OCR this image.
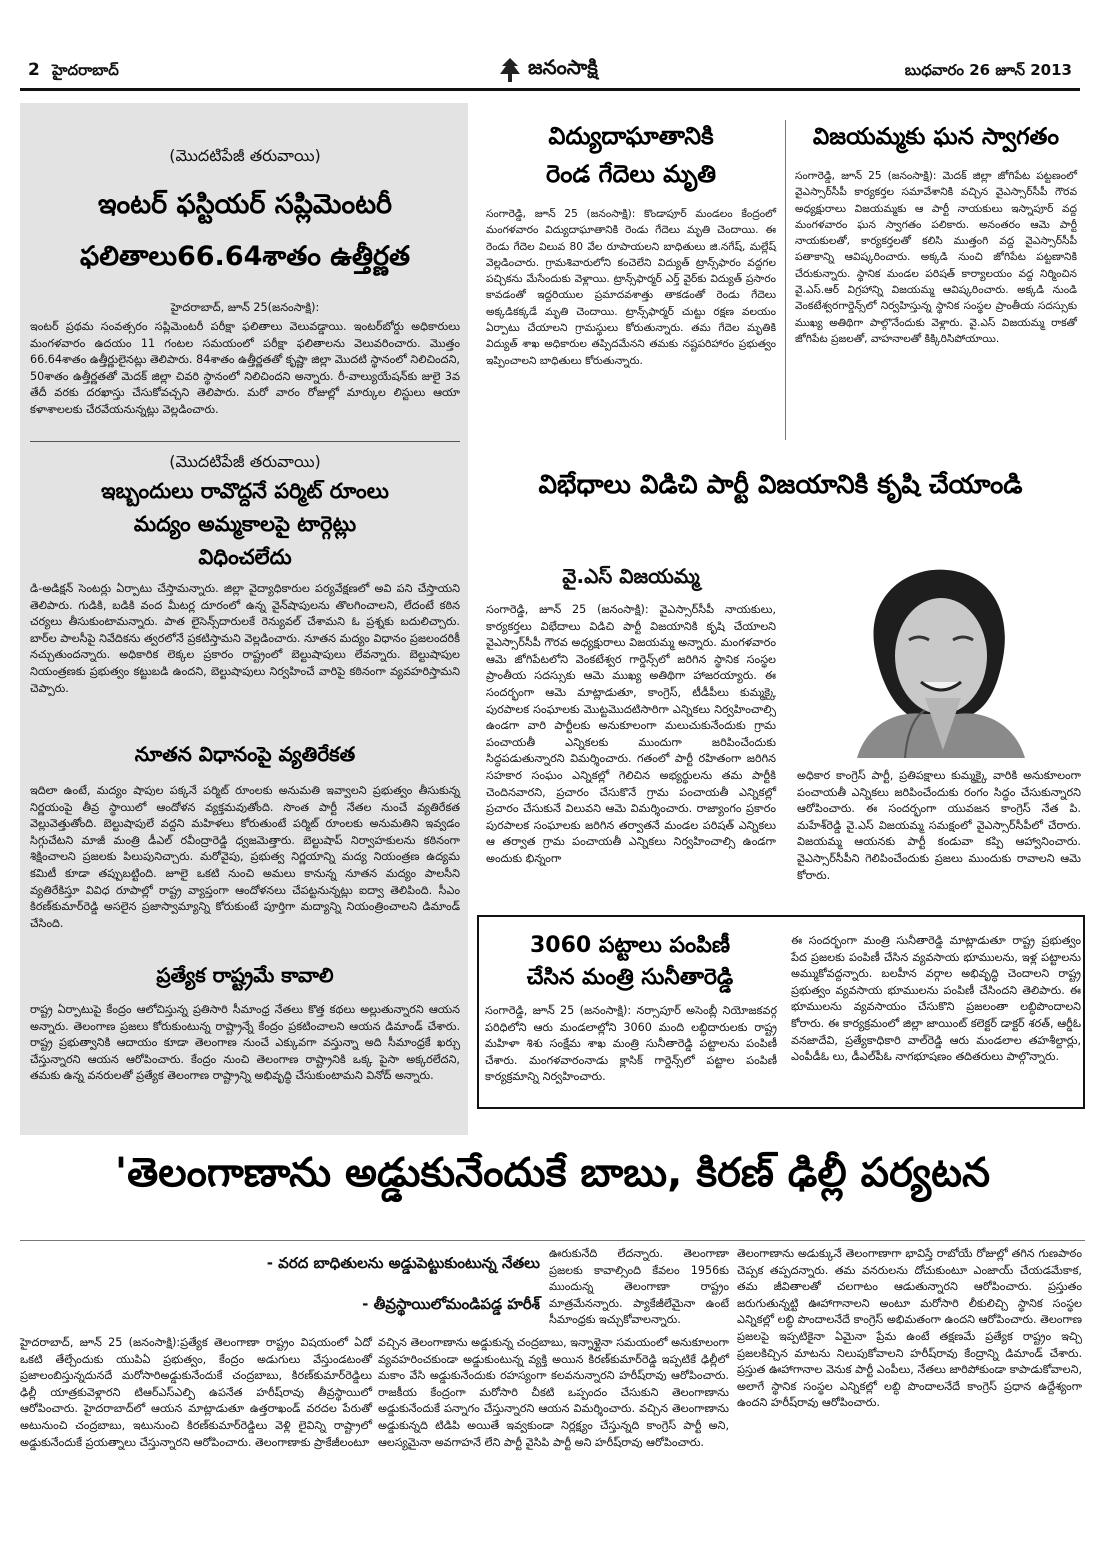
2 హైదరాబాద్	జనంసాక్షి	బుధవారం 26 జూన్ 2013

(మొదటిపేజీ తరువాయి)

ఇంటర్ ఫస్టియర్ సప్లిమెంటరీ

ఫలితాలు66.64శాతం ఉత్తీర్ణత

హైదరాబాద్, జూన్ 25(జనంసాక్షి):

ఇంటర్ ప్రథమ సంవత్సరం సప్లిమెంటరీ పరీక్షా ఫలితాలు వెలువడ్డాయి. ఇంటర్‌బోర్డు అధికారులు మంగళవారం ఉదయం 11 గంటల సమయంలో పరీక్షా ఫలితాలను వెలువరించారు. మొత్తం 66.64శాతం ఉత్తీర్ణులైనట్లు తెలిపారు. 84శాతం ఉత్తీర్ణతతో కృష్ణా జిల్లా మొదటి స్థానంలో నిలిచిందని, 50శాతం ఉత్తీర్ణతతో మెదక్ జిల్లా చివరి స్థానంలో నిలిచిందని అన్నారు. రీ-వాల్యుయేషన్‌కు జులై 3వ తేదీ వరకు దరఖాస్తు చేసుకోవచ్చని తెలిపారు. మరో వారం రోజుల్లో మార్కుల లిస్టులు ఆయా కళాశాలలకు చేరవేయనున్నట్లు వెల్లడించారు.

(మొదటిపేజీ తరువాయి)

ఇబ్బందులు రావొద్దనే పర్మిట్ రూంలు

మద్యం అమ్మకాలపై టార్గెట్లు

విధించలేదు

డి-అడిక్షన్ సెంటర్లు ఏర్పాటు చేస్తామన్నారు. జిల్లా వైద్యాధికారుల పర్యవేక్షణలో అవి పని చేస్తాయని తెలిపారు. గుడికి, బడికి వంద మీటర్ల దూరంలో ఉన్న వైన్‌షాపులను తొలగించాలని, లేదంటే కఠిన చర్యలు తీసుకుంటామన్నారు. పాత లైసెన్స్‌దారులకే రెన్యువల్ చేశామని ఓ ప్రశ్నకు బదులిచ్చారు. బార్‌ల పాలసీపై నివేదికను త్వరలోనే ప్రకటిస్తామని వెల్లడించారు. నూతన మద్యం విధానం ప్రజలందరికీ నచ్చుతుందన్నారు. అధికారిక లెక్కల ప్రకారం రాష్ట్రంలో బెల్టుషాపులు లేవన్నారు. బెల్టుషాపుల నియంత్రణకు ప్రభుత్వం కట్టుబడి ఉందని, బెల్టుషాపులు నిర్వహించే వారిపై కఠినంగా వ్యవహరిస్తామని చెప్పారు.

నూతన విధానంపై వ్యతిరేకత

ఇదిలా ఉంటే, మద్యం షాపుల పక్కనే పర్మిట్ రూంలకు అనుమతి ఇవ్వాలని ప్రభుత్వం తీసుకున్న నిర్ణయంపై తీవ్ర స్థాయిలో ఆందోళన వ్యక్తమవుతోంది. సొంత పార్టీ నేతల నుంచే వ్యతిరేకత వెల్లువెత్తుతోంది. బెల్టుషాపులే వద్దని మహిళలు కోరుతుంటే పర్మిట్ రూంలకు అనుమతిని ఇవ్వడం సిగ్గుచేటని మాజీ మంత్రి డీఎల్ రవీంద్రారెడ్డి ధ్వజమెత్తారు. బెల్టుషాప్ నిర్వాహకులను కఠినంగా శిక్షించాలని ప్రజలకు పిలుపునిచ్చారు. మరోవైపు, ప్రభుత్వ నిర్ణయాన్ని మద్య నియంత్రణ ఉద్యమ కమిటీ కూడా తప్పుబట్టింది. జూలై ఒకటి నుంచి అమలు కానున్న నూతన మద్యం పాలసీని వ్యతిరేకిస్తూ వివిధ రూపాల్లో రాష్ట్ర వ్యాప్తంగా ఆందోళనలు చేపట్టనున్నట్లు ఐద్వా తెలిపింది. సీఎం కిరణ్‌కుమార్‌రెడ్డి అసలైన ప్రజాస్వామ్యాన్ని కోరుకుంటే పూర్తిగా మద్యాన్ని నియంత్రించాలని డిమాండ్ చేసింది.

ప్రత్యేక రాష్ట్రమే కావాలి

రాష్ట్ర ఏర్పాటుపై కేంద్రం ఆలోచిస్తున్న ప్రతిసారి సీమాంధ్ర నేతలు కొత్త కథలు అల్లుతున్నారని ఆయన అన్నారు. తెలంగాణ ప్రజలు కోరుకుంటున్న రాష్ట్రాన్నే కేంద్రం ప్రకటించాలని ఆయన డిమాండ్ చేశారు. రాష్ట్ర ప్రభుత్వానికి ఆదాయం కూడా తెలంగాణ నుంచే ఎక్కువగా వస్తున్నా అది సీమాంధ్రకే ఖర్చు చేస్తున్నారని ఆయన ఆరోపించారు. కేంద్రం నుంచి తెలంగాణ రాష్ట్రానికి ఒక్క పైసా అక్కరలేదని, తమకు ఉన్న వనరులతో ప్రత్యేక తెలంగాణ రాష్ట్రాన్ని అభివృద్ధి చేసుకుంటామని వినోద్ అన్నారు.

విద్యుదాఘాతానికి

రెండ గేదెలు మృతి

సంగారెడ్డి, జూన్ 25 (జనంసాక్షి): కొండాపూర్ మండలం కేంద్రంలో మంగళవారం విద్యుదాఘాతానికి రెండు గేదెలు మృతి చెందాయి. ఈ రెండు గేదెల విలువ 80 వేల రూపాయలని బాధితులు జి.నగేష్, మల్లేష్ వెల్లడించారు. గ్రామశివారులోని కంచెలేని విద్యుత్ ట్రాన్స్‌ఫారం వద్దగల పచ్చికను మేసేందుకు వెళ్లాయి. ట్రాన్స్‌ఫార్మర్ ఎర్త్ వైర్‌కు విద్యుత్ ప్రసారం కావడంతో ఇద్దరియుల ప్రమాదవశాత్తు తాకడంతో రెండు గేదెలు అక్కడికక్కడే మృతి చెందాయి. ట్రాన్స్‌ఫార్మర్ చుట్టు రక్షణ వలయం ఏర్పాటు చేయాలని గ్రామస్థులు కోరుతున్నారు. తమ గేదెల మృతికి విద్యుత్ శాఖ అధికారుల తప్పిదమేనని తమకు నష్టపరిహారం ప్రభుత్వం ఇప్పించాలని బాధితులు కోరుతున్నారు.

విజయమ్మకు ఘన స్వాగతం

సంగారెడ్డి, జూన్ 25 (జనంసాక్షి): మెదక్ జిల్లా జోగిపేట పట్టణంలో వైఎస్సార్‌సీపీ కార్యకర్తల సమావేశానికి వచ్చిన వైఎస్సార్‌సీపీ గౌరవ అధ్యక్షురాలు విజయమ్మకు ఆ పార్టీ నాయకులు ఇస్నాపూర్ వద్ద మంగళవారం ఘన స్వాగతం పలికారు. అనంతరం ఆమె పార్టీ నాయకులతో, కార్యకర్తలతో కలిసి ముత్తంగి వద్ద వైఎస్సార్‌సీపీ పతాకాన్ని ఆవిష్కరించారు. అక్కడి నుంచి జోగిపేట పట్టణానికి చేరుకున్నారు. స్థానిక మండల పరిషత్ కార్యాలయం వద్ద నిర్మించిన వై.ఎస్.ఆర్ విగ్రహాన్ని విజయమ్మ ఆవిష్కరించారు. అక్కడి నుండి వెంకటేశ్వరగార్డెన్స్‌లో నిర్వహిస్తున్న స్థానిక సంస్థల ప్రాంతీయ సదస్సుకు ముఖ్య అతిథిగా పాల్గొనేందుకు వెళ్లారు. వై.ఎస్ విజయమ్మ రాకతో జోగిపేట ప్రజలతో, వాహనాలతో కిక్కిరిసిపోయాయి.

విభేధాలు విడిచి పార్టీ విజయానికి కృషి చేయాండి

వై.ఎస్ విజయమ్మ

సంగారెడ్డి, జూన్ 25 (జనంసాక్షి): వైఎస్సార్‌సీపీ నాయకులు, కార్యకర్తలు విభేదాలు విడిచి పార్టీ విజయానికి కృషి చేయాలని వైఎస్సార్‌సీపీ గౌరవ అధ్యక్షురాలు విజయమ్మ అన్నారు. మంగళవారం ఆమె జోగిపేటలోని వెంకటేశ్వర గార్డెన్స్‌లో జరిగిన స్థానిక సంస్థల ప్రాంతీయ సదస్సుకు ఆమె ముఖ్య అతిథిగా హాజరయ్యారు. ఈ సందర్భంగా ఆమె మాట్లాడుతూ, కాంగ్రెస్, టీడీపీలు కుమ్మక్కై పురపాలక సంఘాలకు మొట్టమొదటిసారిగా ఎన్నికలు నిర్వహించాల్సి ఉండగా వారి పార్టీలకు అనుకూలంగా మలుచుకునేందుకు గ్రామ పంచాయతీ ఎన్నికలకు ముందుగా జరిపించేందుకు సిద్ధపడుతున్నారని విమర్శించారు. గతంలో పార్టీ రహితంగా జరిగిన సహకార సంఘం ఎన్నికల్లో గెలిచిన అభ్యర్థులను తమ పార్టీకి చెందినవారని, ప్రచారం చేసుకొనే గ్రామ పంచాయతీ ఎన్నికల్లో ప్రచారం చేసుకునే విలువని ఆమె విమర్శించారు. రాజ్యాంగం ప్రకారం పురపాలక సంఘాలకు జరిగిన తర్వాతనే మండల పరిషత్ ఎన్నికలు ఆ తర్వాత గ్రామ పంచాయతీ ఎన్నికలు నిర్వహించాల్సి ఉండగా అందుకు భిన్నంగా

అధికార కాంగ్రెస్ పార్టీ, ప్రతిపక్షాలు కుమ్మక్కై వారికి అనుకూలంగా పంచాయతీ ఎన్నికలు జరిపించేందుకు రంగం సిద్ధం చేసుకున్నారని ఆరోపించారు. ఈ సందర్భంగా యువజన కాంగ్రెస్ నేత పి. మహేశ్‌రెడ్డి వై.ఎస్ విజయమ్మ సమక్షంలో వైఎస్సార్‌సీపీలో చేరారు. విజయమ్మ ఆయనకు పార్టీ కండువా కప్పి ఆహ్వానించారు. వైఎస్సార్‌సీపీని గెలిపించేందుకు ప్రజలు ముందుకు రావాలని ఆమె కోరారు.

3060 పట్టాలు పంపిణీ

చేసిన మంత్రి సునీతారెడ్డి

సంగారెడ్డి, జూన్ 25 (జనంసాక్షి): నర్సాపూర్ అసెంబ్లీ నియోజకవర్గ పరిధిలోని ఆరు మండలాల్లోని 3060 మంది లబ్ధిదారులకు రాష్ట్ర మహిళా శిశు సంక్షేమ శాఖ మంత్రి సునీతారెడ్డి పట్టాలను పంపిణీ చేశారు. మంగళవారంనాడు క్లాసిక్ గార్డెన్స్‌లో పట్టాల పంపిణీ కార్యక్రమాన్ని నిర్వహించారు.

ఈ సందర్భంగా మంత్రి సునీతారెడ్డి మాట్లాడుతూ రాష్ట్ర ప్రభుత్వం పేద ప్రజలకు పంపిణీ చేసిన వ్యవసాయ భూములను, ఇళ్ల పట్టాలను అమ్ముకోవద్దన్నారు. బలహీన వర్గాల అభివృద్ధి చెందాలని రాష్ట్ర ప్రభుత్వం వ్యవసాయ భూములను పంపిణీ చేసిందని తెలిపారు. ఈ భూములను వ్యవసాయం చేసుకొని ప్రజలంతా లబ్ధిపొందాలని కోరారు. ఈ కార్యక్రమంలో జిల్లా జాయింట్ కలెక్టర్ డాక్టర్ శరత్, ఆర్డీఓ వనజాదేవి, ప్రత్యేకాధికారి వాల్‌రెడ్డి ఆరు మండలాల తహశీల్దార్లు, ఎంపీడీఓ లు, డీఎల్‌పీఓ నాగభూషణం తదితరులు పాల్గొన్నారు.

'తెలంగాణాను అడ్డుకునేందుకే బాబు, కిరణ్ ఢిల్లీ పర్యటన

- వరద బాధితులను అడ్డుపెట్టుకుంటున్న నేతలు

- తీవ్రస్థాయిలోమండిపడ్డ హరీశ్

హైదరాబాద్, జూన్ 25 (జనంసాక్షి):ప్రత్యేక తెలంగాణా రాష్ట్రం విషయంలో ఏదో ఒకటి తేల్చేందుకు యుపిఏ ప్రభుత్వం, కేంద్రం అడుగులు వేస్తుండటంతో ప్రజాలంబిస్తున్నదునదే మరోసారిఅడ్డుకునేందుకే చంద్రబాబు, కిరణ్‌కుమార్‌రెడ్డిలు ఢిల్లీ యాత్రకువెళ్లారని టిఆర్‌ఎస్‌ఎల్పి ఉపనేత హరీష్‌రావు తీవ్రస్థాయిలో ఆరోపించారు. హైదరాబాద్‌లో ఆయన మాట్లాడుతూ ఉత్తరాఖండ్ వరదల పేరుతో అటునుంచి చంద్రబాబు, ఇటునుంచి కిరణ్‌కుమార్‌రెడ్డిలు వెళ్లి లైవిన్ని రాష్ట్రాలో అడ్డుకునేందుకే ప్రయత్నాలు చేస్తున్నారని ఆరోపించారు. తెలంగాణాకు ప్రాకేజీలంటూ

ఊరుకునేది లేదన్నారు. తెలంగాణా ప్రజలకు కావాల్సింది కేవలం 1956కు ముందున్న తెలంగాణా రాష్ట్రం మాత్రమేనన్నారు. ప్యాకేజీలేమైనా ఉంటే సీమాంధ్రకు ఇచ్చుకోవాలన్నారు.

వచ్చిన తెలంగాణాను అడ్డుకున్న చంద్రబాబు, ఇన్నాళ్లైనా సమయంలో అనుకూలంగా వ్యవహరించకుండా అడ్డుకుంటున్న వ్యక్తి అయిన కిరణ్‌కుమార్‌రెడ్డి ఇప్పటికే ఢిల్లీలో మకాం వేసి అడ్డుకునేందుకు రహస్యంగా కలవనున్నారని హరీష్‌రావు ఆరోపించారు. రాజకీయ కేంద్రంగా మరోసారి చీకటి ఒప్పందం చేసుకుని తెలంగాణాను అడ్డుకునేందుకే పన్నాగం చేస్తున్నారని ఆయన విమర్శించారు. వచ్చిన తెలంగాణాను అడ్డుకున్నది టిడిపి అయితే ఇవ్వకుండా నిర్లక్ష్యం చేస్తున్నది కాంగ్రెస్ పార్టీ అని, ఆలస్యమైనా అవగాహనే లేని పార్టీ వైసిపి పార్టీ అని హరీష్‌రావు ఆరోపించారు.

తెలంగాణాను అడుక్కునే తెలంగాణాగా భావిస్తే రాబోయే రోజుల్లో తగిన గుణపాఠం చెప్పక తప్పదన్నారు. తమ వనరులను దోచుకుంటూ ఎంజాయ్ చేయడమేకాక, తమ జీవితాలతో చలగాటం ఆడుతున్నారని ఆరోపించారు. ప్రస్తుతం జరుగుతున్నట్టి ఊహాగానాలని అంటూ మరోసారి లీకులిచ్చి స్థానిక సంస్థల ఎన్నికల్లో లబ్ధి పొందాలనేదే కాంగ్రెస్ అభిమతంగా ఉందని ఆరోపించారు. తెలంగాణ ప్రజలపై ఇప్పటికైనా ఏమైనా ప్రేమ ఉంటే తక్షణమే ప్రత్యేక రాష్ట్రం ఇచ్చి ప్రజలకిచ్చిన మాటను నిలుపుకోవాలని హరీష్‌రావు కేంద్రాన్ని డిమాండ్ చేశారు. ప్రస్తుత ఊహాగానాల వెనుక పార్టీ ఎంపీలు, నేతలు జారిపోకుండా కాపాడుకోవాలని, అలాగే స్థానిక సంస్థల ఎన్నికల్లో లబ్ధి పొందాలనేదే కాంగ్రెస్ ప్రధాన ఉద్దేశ్యంగా ఉందని హరీష్‌రావు ఆరోపించారు.
